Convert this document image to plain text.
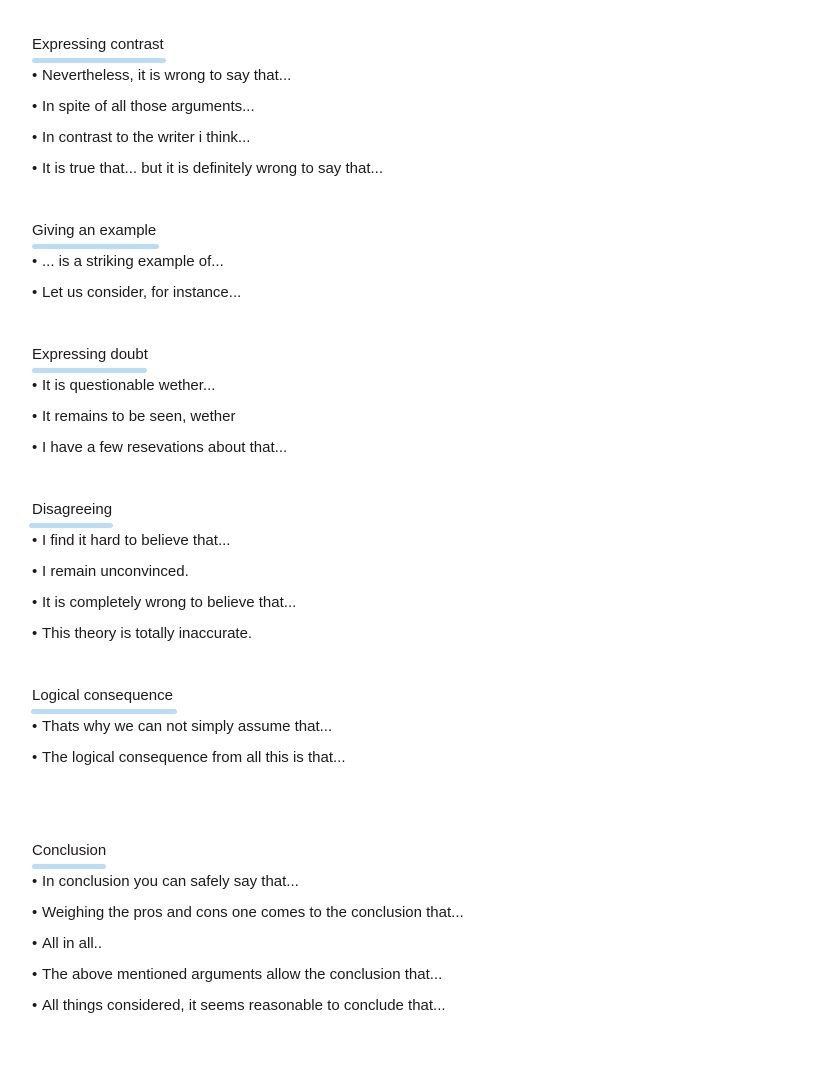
Expressing contrast
• Nevertheless, it is wrong to say that...
• In spite of all those arguments...
• In contrast to the writer i think...
• It is true that... but it is definitely wrong to say that...
Giving an example
• ... is a striking example of...
• Let us consider, for instance...
Expressing doubt
• It is questionable wether...
• It remains to be seen, wether
• I have a few resevations about that...
Disagreeing
• I find it hard to believe that...
• I remain unconvinced.
• It is completely wrong to believe that...
• This theory is totally inaccurate.
Logical consequence
• Thats why we can not simply assume that...
• The logical consequence from all this is that...
Conclusion
• In conclusion you can safely say that...
• Weighing the pros and cons one comes to the conclusion that...
• All in all..
• The above mentioned arguments allow the conclusion that...
• All things considered, it seems reasonable to conclude that...
